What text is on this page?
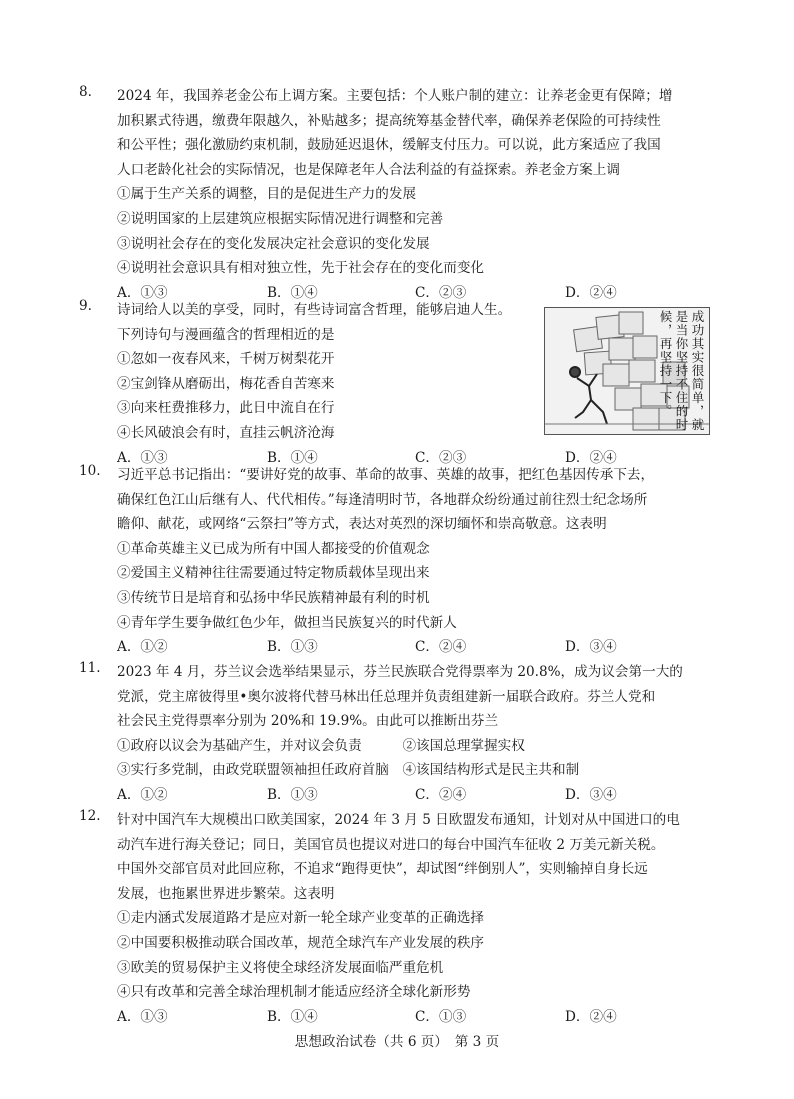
8. 2024 年，我国养老金公布上调方案。主要包括：个人账户制的建立：让养老金更有保障；增
加积累式待遇，缴费年限越久，补贴越多；提高统筹基金替代率，确保养老保险的可持续性
和公平性；强化激励约束机制，鼓励延迟退休，缓解支付压力。可以说，此方案适应了我国
人口老龄化社会的实际情况，也是保障老年人合法利益的有益探索。养老金方案上调
①属于生产关系的调整，目的是促进生产力的发展
②说明国家的上层建筑应根据实际情况进行调整和完善
③说明社会存在的变化发展决定社会意识的变化发展
④说明社会意识具有相对独立性，先于社会存在的变化而变化
A．①③	B．①④	C．②③	D．②④
9. 诗词给人以美的享受，同时，有些诗词富含哲理，能够启迪人生。
下列诗句与漫画蕴含的哲理相近的是
①忽如一夜春风来，千树万树梨花开
②宝剑锋从磨砺出，梅花香自苦寒来
③向来枉费推移力，此日中流自在行
④长风破浪会有时，直挂云帆济沧海
A．①③	B．①④	C．②③	D．②④
成功其实很简单，就是当你坚持不住的时候，再坚持一下。
10. 习近平总书记指出：“要讲好党的故事、革命的故事、英雄的故事，把红色基因传承下去，
确保红色江山后继有人、代代相传。”每逢清明时节，各地群众纷纷通过前往烈士纪念场所
瞻仰、献花，或网络“云祭扫”等方式，表达对英烈的深切缅怀和崇高敬意。这表明
①革命英雄主义已成为所有中国人都接受的价值观念
②爱国主义精神往往需要通过特定物质载体呈现出来
③传统节日是培育和弘扬中华民族精神最有利的时机
④青年学生要争做红色少年，做担当民族复兴的时代新人
A．①②	B．①③	C．②④	D．③④
11. 2023 年 4 月，芬兰议会选举结果显示，芬兰民族联合党得票率为 20.8%，成为议会第一大的
党派，党主席彼得里•奥尔波将代替马林出任总理并负责组建新一届联合政府。芬兰人党和
社会民主党得票率分别为 20%和 19.9%。由此可以推断出芬兰
①政府以议会为基础产生，并对议会负责　　　②该国总理掌握实权
③实行多党制，由政党联盟领袖担任政府首脑　④该国结构形式是民主共和制
A．①②	B．①③	C．②④	D．③④
12. 针对中国汽车大规模出口欧美国家，2024 年 3 月 5 日欧盟发布通知，计划对从中国进口的电
动汽车进行海关登记；同日，美国官员也提议对进口的每台中国汽车征收 2 万美元新关税。
中国外交部官员对此回应称，不追求“跑得更快”，却试图“绊倒别人”，实则输掉自身长远
发展，也拖累世界进步繁荣。这表明
①走内涵式发展道路才是应对新一轮全球产业变革的正确选择
②中国要积极推动联合国改革，规范全球汽车产业发展的秩序
③欧美的贸易保护主义将使全球经济发展面临严重危机
④只有改革和完善全球治理机制才能适应经济全球化新形势
A．①③	B．①④	C．①③	D．②④
思想政治试卷（共 6 页）　第 3 页
